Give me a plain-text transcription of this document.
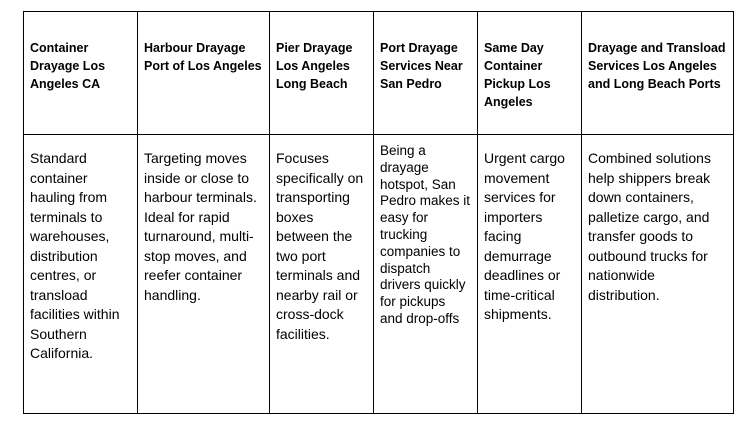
Container Drayage Los Angeles CA	Harbour Drayage Port of Los Angeles	Pier Drayage Los Angeles Long Beach	Port Drayage Services Near San Pedro	Same Day Container Pickup Los Angeles	Drayage and Transload Services Los Angeles and Long Beach Ports

Standard container hauling from terminals to warehouses, distribution centres, or transload facilities within Southern California.	Targeting moves inside or close to harbour terminals. Ideal for rapid turnaround, multi-stop moves, and reefer container handling.	Focuses specifically on transporting boxes between the two port terminals and nearby rail or cross-dock facilities.	Being a drayage hotspot, San Pedro makes it easy for trucking companies to dispatch drivers quickly for pickups and drop-offs	Urgent cargo movement services for importers facing demurrage deadlines or time-critical shipments.	Combined solutions help shippers break down containers, palletize cargo, and transfer goods to outbound trucks for nationwide distribution.
